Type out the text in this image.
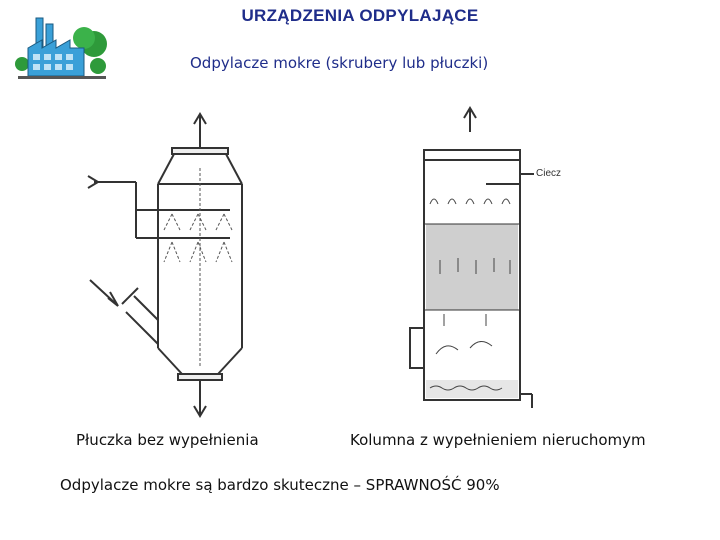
URZĄDZENIA ODPYLAJĄCE
Odpylacze mokre (skrubery lub płuczki)
Ciecz
Płuczka bez wypełnienia	Kolumna z wypełnieniem nieruchomym
Odpylacze mokre są bardzo skuteczne – SPRAWNOŚĆ 90%
